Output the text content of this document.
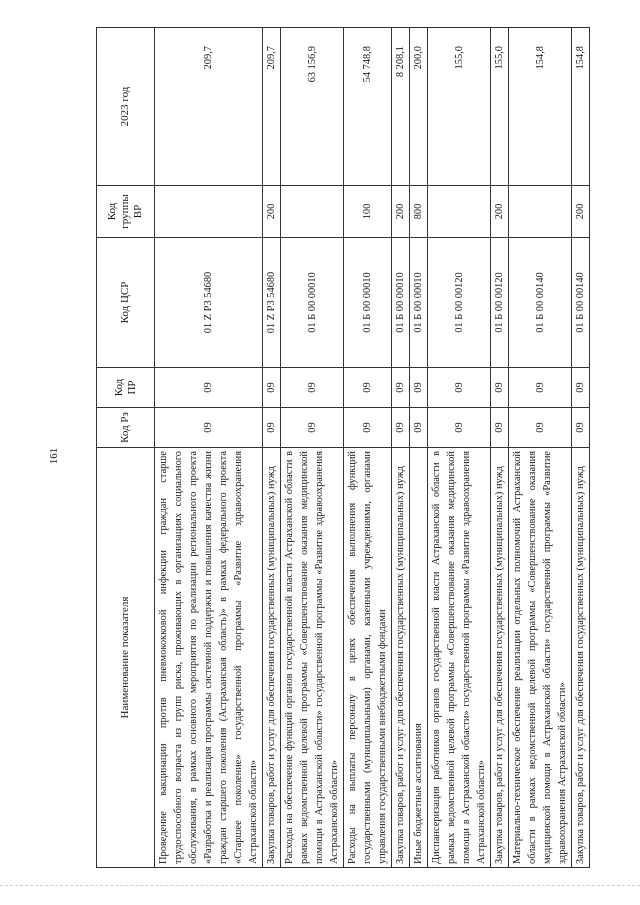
161
Наименование показателя	Код Рз	Код ПР	Код ЦСР	Код группы ВР	2023 год
Проведение вакцинации против пневмококковой инфекции граждан старше трудоспособного возраста из групп риска, проживающих в организациях социального обслуживания, в рамках основного мероприятия по реализации регионального проекта «Разработка и реализация программы системной поддержки и повышения качества жизни граждан старшего поколения (Астраханская область)» в рамках федерального проекта «Старшее поколение» государственной программы «Развитие здравоохранения Астраханской области»	09	09	01 Z P3 54680		209,7
Закупка товаров, работ и услуг для обеспечения государственных (муниципальных) нужд	09	09	01 Z P3 54680	200	209,7
Расходы на обеспечение функций органов государственной власти Астраханской области в рамках ведомственной целевой программы «Совершенствование оказания медицинской помощи в Астраханской области» государственной программы «Развитие здравоохранения Астраханской области»	09	09	01 Б 00 00010		63 156,9
Расходы на выплаты персоналу в целях обеспечения выполнения функций государственными (муниципальными) органами, казенными учреждениями, органами управления государственными внебюджетными фондами	09	09	01 Б 00 00010	100	54 748,8
Закупка товаров, работ и услуг для обеспечения государственных (муниципальных) нужд	09	09	01 Б 00 00010	200	8 208,1
Иные бюджетные ассигнования	09	09	01 Б 00 00010	800	200,0
Диспансеризация работников органов государственной власти Астраханской области в рамках ведомственной целевой программы «Совершенствование оказания медицинской помощи в Астраханской области» государственной программы «Развитие здравоохранения Астраханской области»	09	09	01 Б 00 00120		155,0
Закупка товаров, работ и услуг для обеспечения государственных (муниципальных) нужд	09	09	01 Б 00 00120	200	155,0
Материально-техническое обеспечение реализации отдельных полномочий Астраханской области в рамках ведомственной целевой программы «Совершенствование оказания медицинской помощи в Астраханской области» государственной программы «Развитие здравоохранения Астраханской области»	09	09	01 Б 00 00140		154,8
Закупка товаров, работ и услуг для обеспечения государственных (муниципальных) нужд	09	09	01 Б 00 00140	200	154,8
